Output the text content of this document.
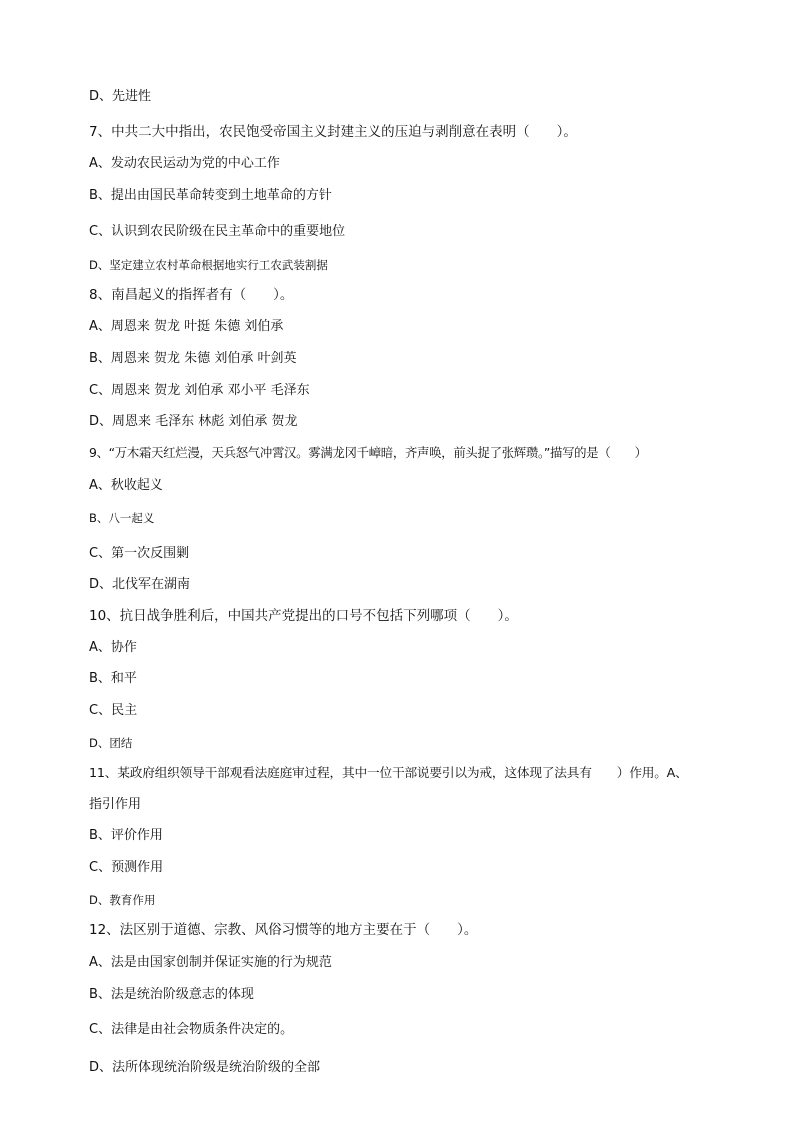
D、先进性
7、中共二大中指出，农民饱受帝国主义封建主义的压迫与剥削意在表明（　　）。
A、发动农民运动为党的中心工作
B、提出由国民革命转变到土地革命的方针
C、认识到农民阶级在民主革命中的重要地位
D、坚定建立农村革命根据地实行工农武装割据
8、南昌起义的指挥者有（　　）。
A、周恩来 贺龙 叶挺 朱德 刘伯承
B、周恩来 贺龙 朱德 刘伯承 叶剑英
C、周恩来 贺龙 刘伯承 邓小平 毛泽东
D、周恩来 毛泽东 林彪 刘伯承 贺龙
9、“万木霜天红烂漫，天兵怒气冲霄汉。雾满龙冈千嶂暗，齐声唤，前头捉了张辉瓒。”描写的是（　　）
A、秋收起义
B、八一起义
C、第一次反围剿
D、北伐军在湖南
10、抗日战争胜利后，中国共产党提出的口号不包括下列哪项（　　）。
A、协作
B、和平
C、民主
D、团结
11、某政府组织领导干部观看法庭庭审过程，其中一位干部说要引以为戒，这体现了法具有　　）作用。A、
指引作用
B、评价作用
C、预测作用
D、教育作用
12、法区别于道德、宗教、风俗习惯等的地方主要在于（　　）。
A、法是由国家创制并保证实施的行为规范
B、法是统治阶级意志的体现
C、法律是由社会物质条件决定的。
D、法所体现统治阶级是统治阶级的全部
